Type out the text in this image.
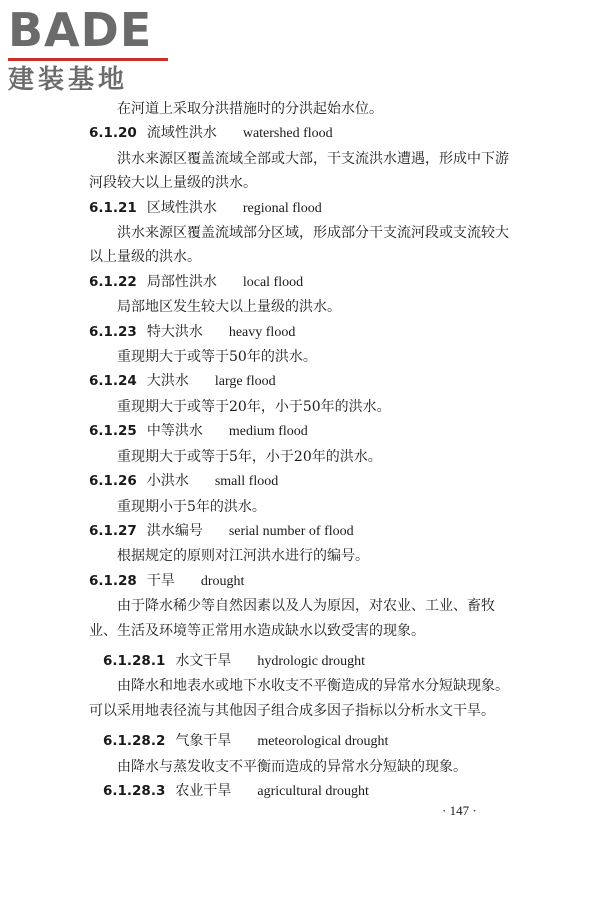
BADE
建装基地

在河道上采取分洪措施时的分洪起始水位。

6.1.20 流域性洪水 watershed flood

洪水来源区覆盖流域全部或大部，干支流洪水遭遇，形成中下游河段较大以上量级的洪水。

6.1.21 区域性洪水 regional flood

洪水来源区覆盖流域部分区域，形成部分干支流河段或支流较大以上量级的洪水。

6.1.22 局部性洪水 local flood

局部地区发生较大以上量级的洪水。

6.1.23 特大洪水 heavy flood

重现期大于或等于50年的洪水。

6.1.24 大洪水 large flood

重现期大于或等于20年，小于50年的洪水。

6.1.25 中等洪水 medium flood

重现期大于或等于5年，小于20年的洪水。

6.1.26 小洪水 small flood

重现期小于5年的洪水。

6.1.27 洪水编号 serial number of flood

根据规定的原则对江河洪水进行的编号。

6.1.28 干旱 drought

由于降水稀少等自然因素以及人为原因，对农业、工业、畜牧业、生活及环境等正常用水造成缺水以致受害的现象。

6.1.28.1 水文干旱 hydrologic drought

由降水和地表水或地下水收支不平衡造成的异常水分短缺现象。可以采用地表径流与其他因子组合成多因子指标以分析水文干旱。

6.1.28.2 气象干旱 meteorological drought

由降水与蒸发收支不平衡而造成的异常水分短缺的现象。

6.1.28.3 农业干旱 agricultural drought

· 147 ·
